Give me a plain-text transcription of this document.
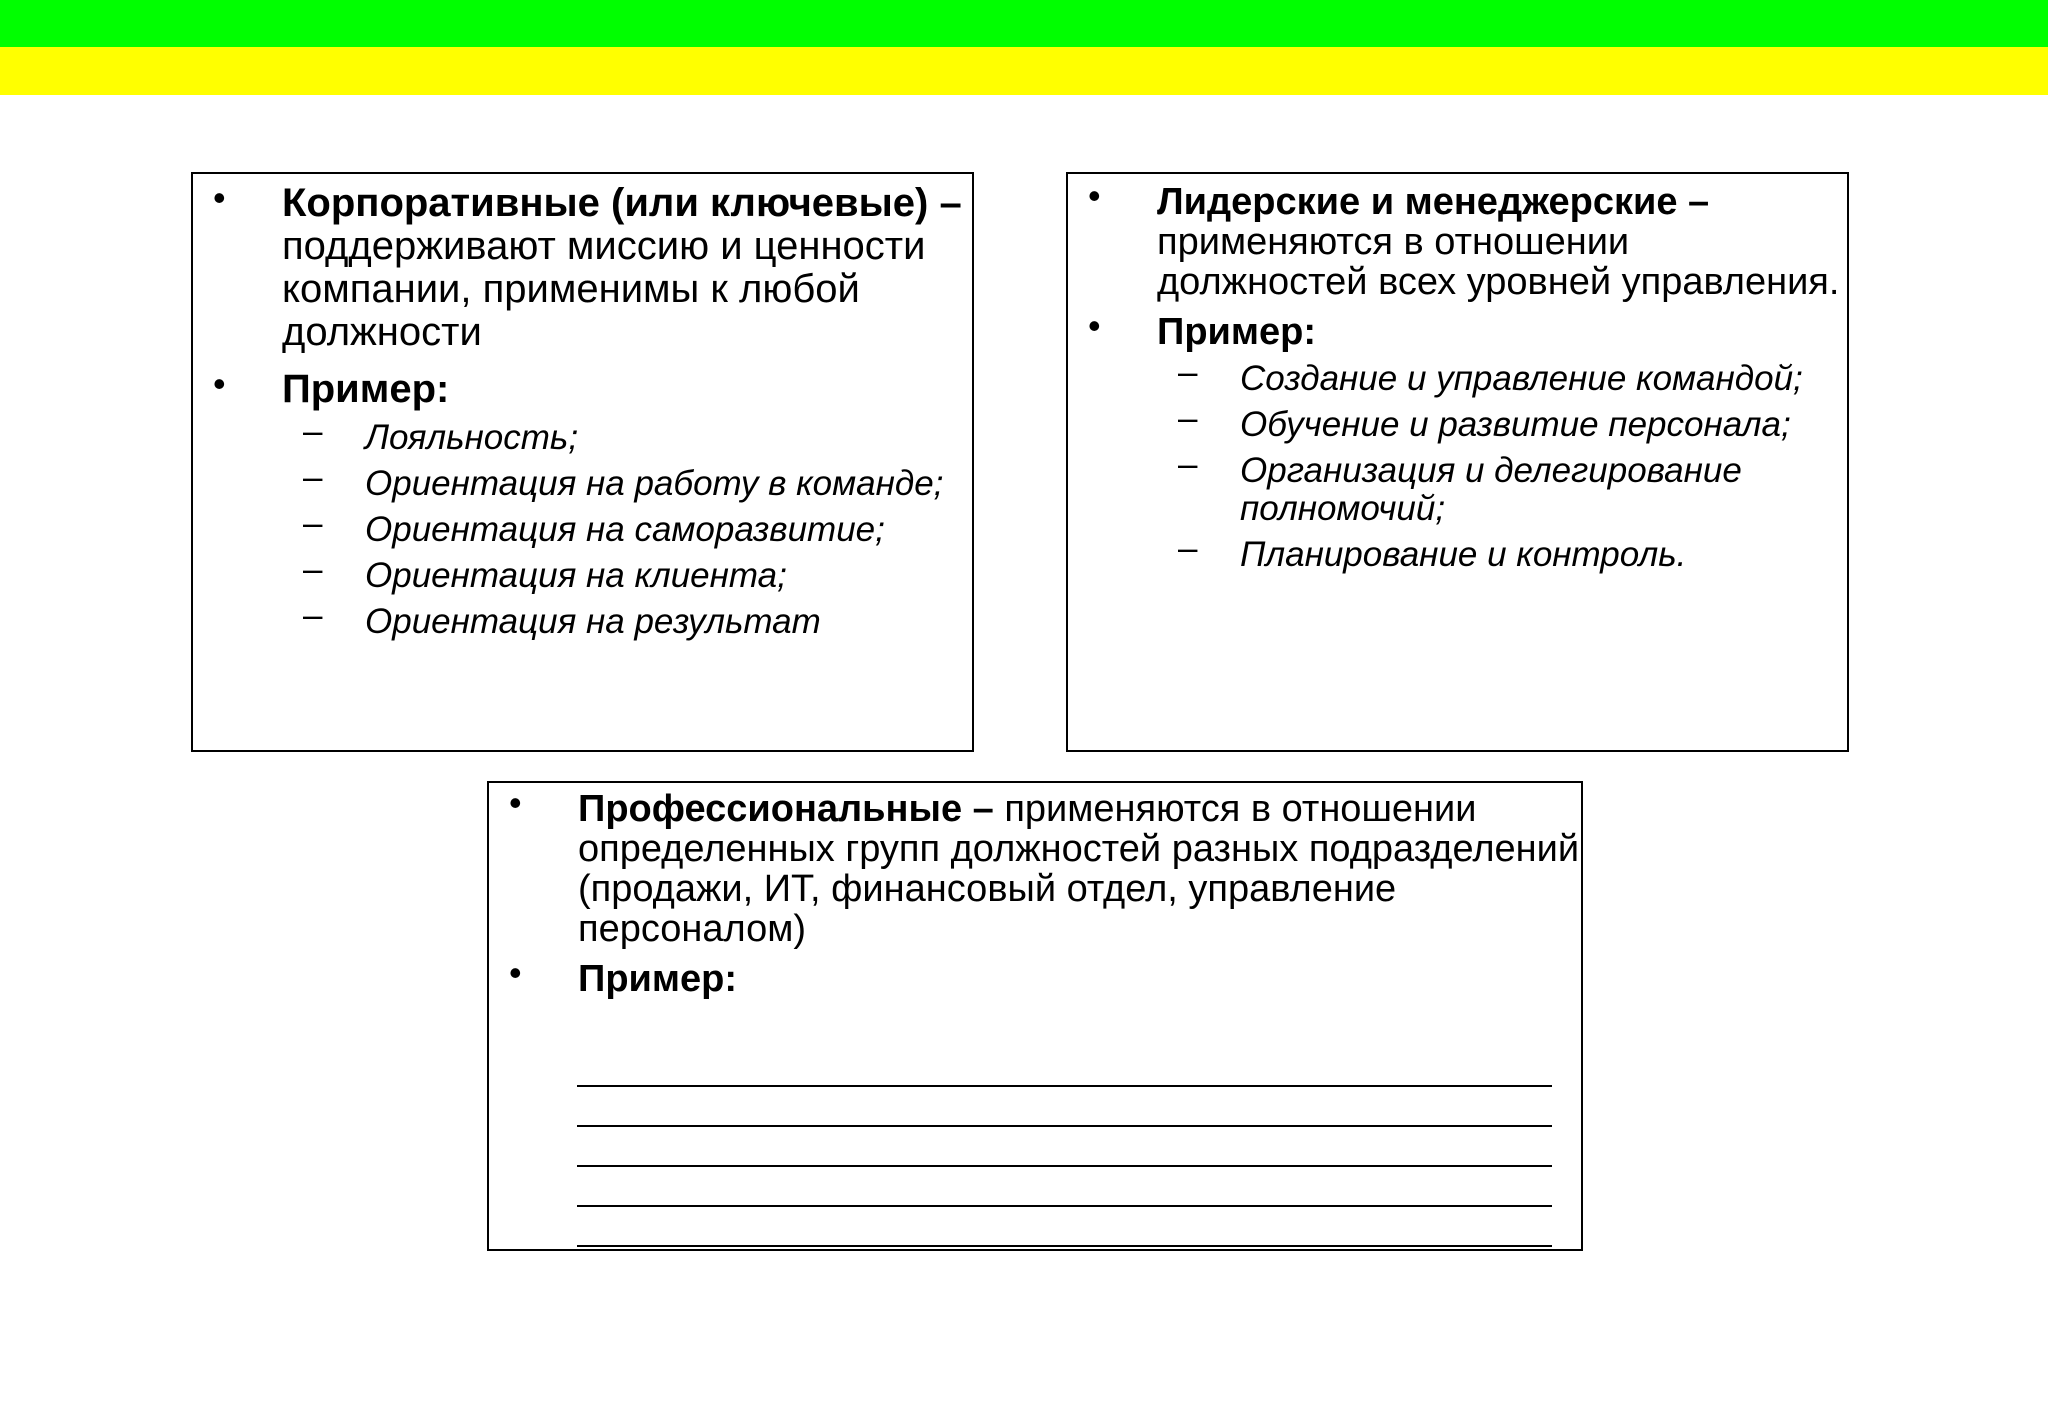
• Корпоративные (или ключевые) – поддерживают миссию и ценности компании, применимы к любой должности
• Пример:
– Лояльность;
– Ориентация на работу в команде;
– Ориентация на саморазвитие;
– Ориентация на клиента;
– Ориентация на результат
• Лидерские и менеджерские – применяются в отношении должностей всех уровней управления.
• Пример:
– Создание и управление командой;
– Обучение и развитие персонала;
– Организация и делегирование полномочий;
– Планирование и контроль.
• Профессиональные – применяются в отношении определенных групп должностей разных подразделений (продажи, ИТ, финансовый отдел, управление персоналом)
• Пример:
